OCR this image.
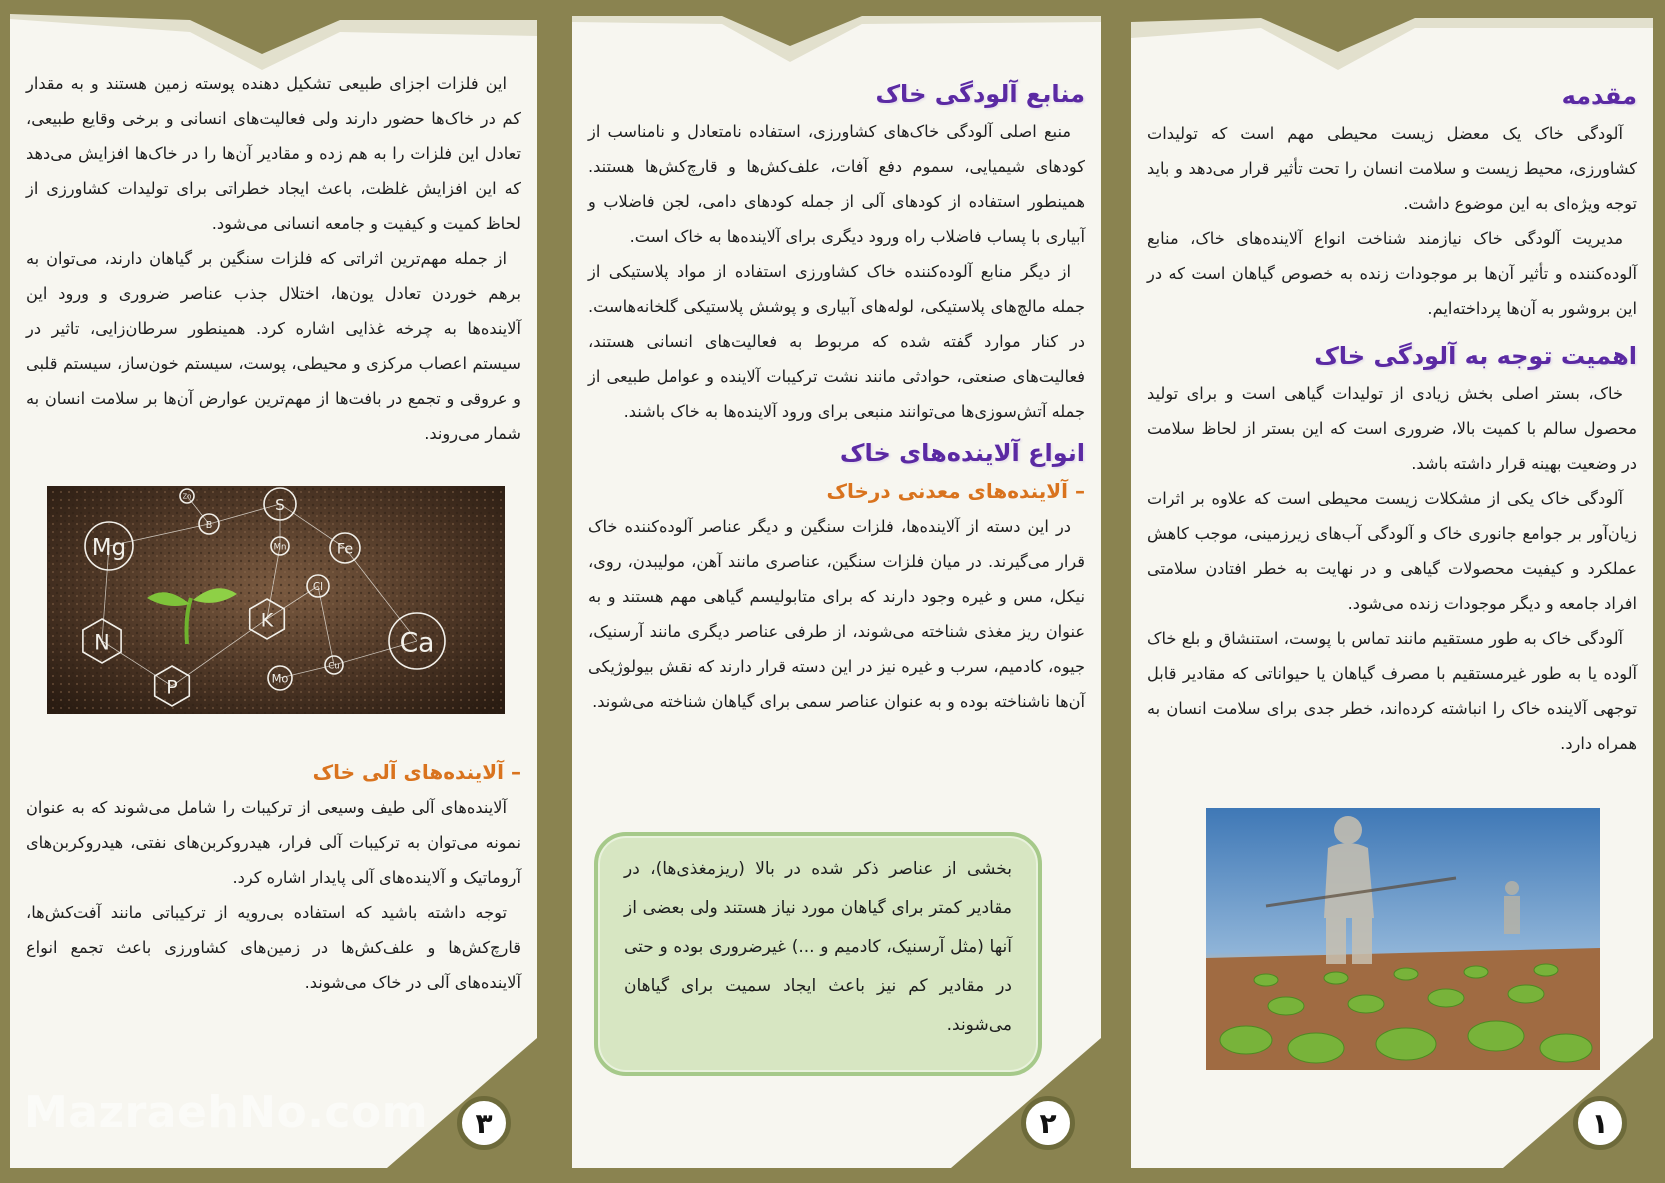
این فلزات اجزای طبیعی تشکیل دهنده پوسته زمین هستند و به مقدار کم در خاک‌ها حضور دارند ولی فعالیت‌های انسانی و برخی وقایع طبیعی، تعادل این فلزات را به هم زده و مقادیر آن‌ها را در خاک‌ها افزایش می‌دهد که این افزایش غلظت، باعث ایجاد خطراتی برای تولیدات کشاورزی از لحاظ کمیت و کیفیت و جامعه انسانی می‌شود.

از جمله مهم‌ترین اثراتی که فلزات سنگین بر گیاهان دارند، می‌توان به برهم خوردن تعادل یون‌ها، اختلال جذب عناصر ضروری و ورود این آلاینده‌ها به چرخه غذایی اشاره کرد. همینطور سرطان‌زایی، تاثیر در سیستم اعصاب مرکزی و محیطی، پوست، سیستم خون‌ساز، سیستم قلبی و عروقی و تجمع در بافت‌ها از مهم‌ترین عوارض آن‌ها بر سلامت انسان به شمار می‌روند.

Zn	S
B
Mg	Mn	Fe
Cl
K
N	Ca
Cu
Mo
P
– آلاینده‌های آلی خاک

آلاینده‌های آلی طیف وسیعی از ترکیبات را شامل می‌شوند که به عنوان نمونه می‌توان به ترکیبات آلی فرار، هیدروکربن‌های نفتی، هیدروکربن‌های آروماتیک و آلاینده‌های آلی پایدار اشاره کرد.

توجه داشته باشید که استفاده بی‌رویه از ترکیباتی مانند آفت‌کش‌ها، قارچ‌کش‌ها و علف‌کش‌ها در زمین‌های کشاورزی باعث تجمع انواع آلاینده‌های آلی در خاک می‌شوند.

۳
MazraehNo.com
منابع آلودگی خاک

منبع اصلی آلودگی خاک‌های کشاورزی، استفاده نامتعادل و نامناسب از کودهای شیمیایی، سموم دفع آفات، علف‌کش‌ها و قارچ‌کش‌ها هستند. همینطور استفاده از کودهای آلی از جمله کودهای دامی، لجن فاضلاب و آبیاری با پساب فاضلاب راه ورود دیگری برای آلاینده‌ها به خاک است.

از دیگر منابع آلوده‌کننده خاک کشاورزی استفاده از مواد پلاستیکی از جمله مالچ‌های پلاستیکی، لوله‌های آبیاری و پوشش پلاستیکی گلخانه‌هاست. در کنار موارد گفته شده که مربوط به فعالیت‌های انسانی هستند، فعالیت‌های صنعتی، حوادثی مانند نشت ترکیبات آلاینده و عوامل طبیعی از جمله آتش‌سوزی‌ها می‌توانند منبعی برای ورود آلاینده‌ها به خاک باشند.

انواع آلاینده‌های خاک
– آلاینده‌های معدنی درخاک

در این دسته از آلاینده‌ها، فلزات سنگین و دیگر عناصر آلوده‌کننده خاک قرار می‌گیرند. در میان فلزات سنگین، عناصری مانند آهن، مولیبدن، روی، نیکل، مس و غیره وجود دارند که برای متابولیسم گیاهی مهم هستند و به عنوان ریز مغذی شناخته می‌شوند، از طرفی عناصر دیگری مانند آرسنیک، جیوه، کادمیم، سرب و غیره نیز در این دسته قرار دارند که نقش بیولوژیکی آن‌ها ناشناخته بوده و به عنوان عناصر سمی برای گیاهان شناخته می‌شوند.

بخشی از عناصر ذکر شده در بالا (ریزمغذی‌ها)، در مقادیر کمتر برای گیاهان مورد نیاز هستند ولی بعضی از آنها (مثل آرسنیک، کادمیم و ...) غیرضروری بوده و حتی در مقادیر کم نیز باعث ایجاد سمیت برای گیاهان می‌شوند.
۲
مقدمه

آلودگی خاک یک معضل زیست محیطی مهم است که تولیدات کشاورزی، محیط زیست و سلامت انسان را تحت تأثیر قرار می‌دهد و باید توجه ویژه‌ای به این موضوع داشت.

مدیریت آلودگی خاک نیازمند شناخت انواع آلاینده‌های خاک، منابع آلوده‌کننده و تأثیر آن‌ها بر موجودات زنده به خصوص گیاهان است که در این بروشور به آن‌ها پرداخته‌ایم.

اهمیت توجه به آلودگی خاک

خاک، بستر اصلی بخش زیادی از تولیدات گیاهی است و برای تولید محصول سالم با کمیت بالا، ضروری است که این بستر از لحاظ سلامت در وضعیت بهینه قرار داشته باشد.

آلودگی خاک یکی از مشکلات زیست محیطی است که علاوه بر اثرات زیان‌آور بر جوامع جانوری خاک و آلودگی آب‌های زیرزمینی، موجب کاهش عملکرد و کیفیت محصولات گیاهی و در نهایت به خطر افتادن سلامتی افراد جامعه و دیگر موجودات زنده می‌شود.

آلودگی خاک به طور مستقیم مانند تماس با پوست، استنشاق و بلع خاک آلوده یا به طور غیرمستقیم با مصرف گیاهان یا حیواناتی که مقادیر قابل توجهی آلاینده خاک را انباشته کرده‌اند، خطر جدی برای سلامت انسان به همراه دارد.

۱
